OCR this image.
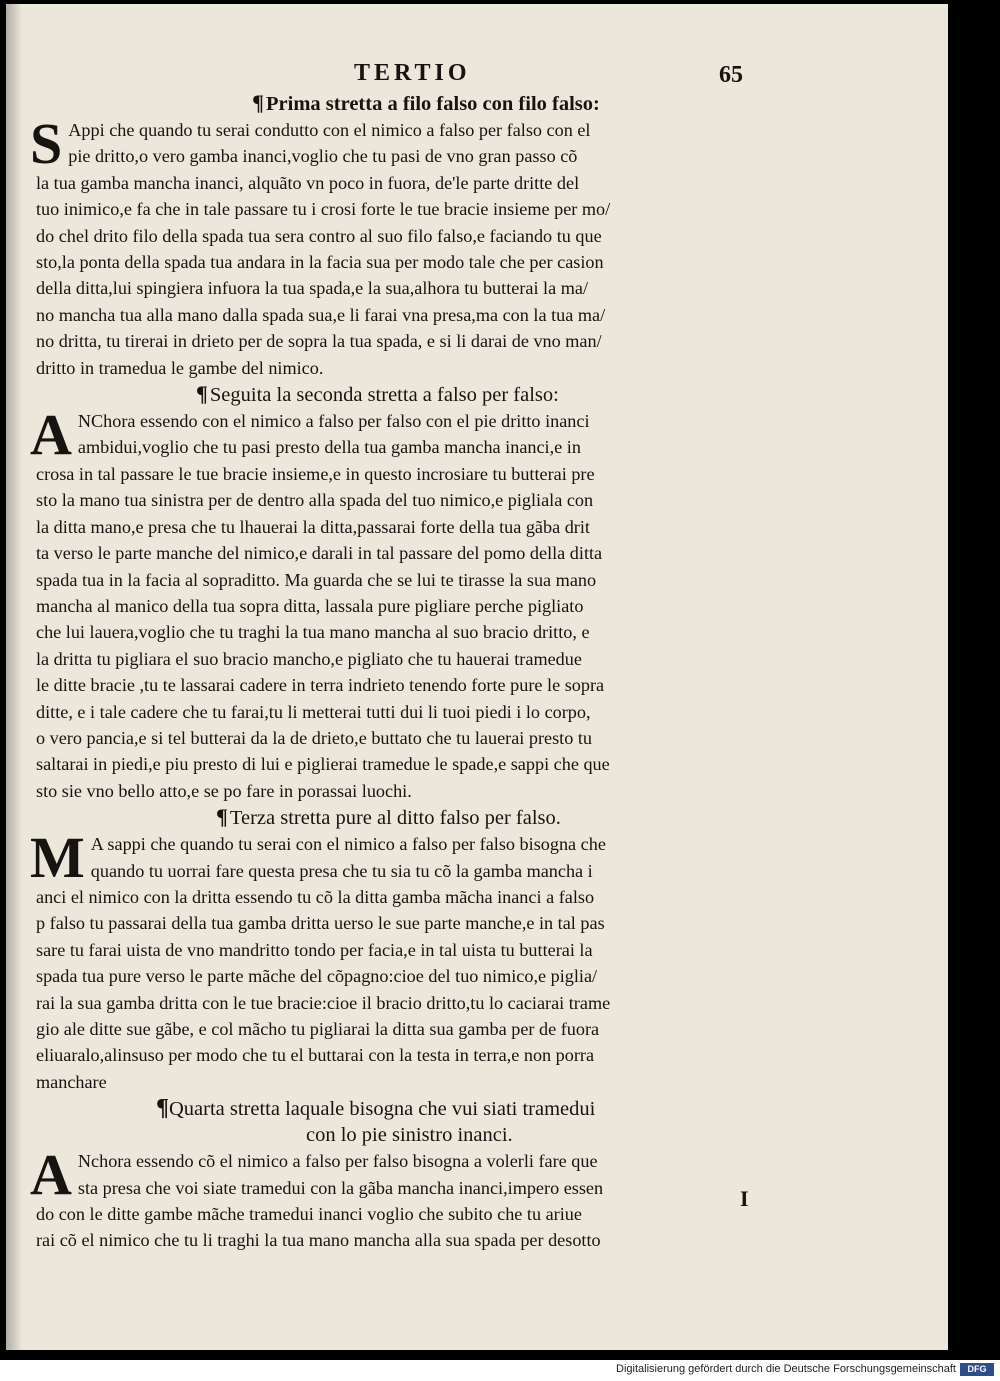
TERTIO	65

¶Prima stretta a filo falso con filo falso:

S Appi che quando tu serai condutto con el nimico a falso per falso con el
pie dritto,o vero gamba inanci,voglio che tu pasi de vno gran passo cõ
la tua gamba mancha inanci, alquãto vn poco in fuora, de'le parte dritte del
tuo inimico,e fa che in tale passare tu i crosi forte le tue bracie insieme per mo/
do chel drito filo della spada tua sera contro al suo filo falso,e faciando tu que
sto,la ponta della spada tua andara in la facia sua per modo tale che per casion
della ditta,lui spingiera infuora la tua spada,e la sua,alhora tu butterai la ma/
no mancha tua alla mano dalla spada sua,e li farai vna presa,ma con la tua ma/
no dritta, tu tirerai in drieto per de sopra la tua spada, e si li darai de vno man/
dritto in tramedua le gambe del nimico.

¶Seguita la seconda stretta a falso per falso:

A NChora essendo con el nimico a falso per falso con el pie dritto inanci
ambidui,voglio che tu pasi presto della tua gamba mancha inanci,e in
crosa in tal passare le tue bracie insieme,e in questo incrosiare tu butterai pre
sto la mano tua sinistra per de dentro alla spada del tuo nimico,e pigliala con
la ditta mano,e presa che tu lhauerai la ditta,passarai forte della tua gãba drit
ta verso le parte manche del nimico,e darali in tal passare del pomo della ditta
spada tua in la facia al sopraditto. Ma guarda che se lui te tirasse la sua mano
mancha al manico della tua sopra ditta, lassala pure pigliare perche pigliato
che lui lauera,voglio che tu traghi la tua mano mancha al suo bracio dritto, e
la dritta tu pigliara el suo bracio mancho,e pigliato che tu hauerai tramedue
le ditte bracie ,tu te lassarai cadere in terra indrieto tenendo forte pure le sopra
ditte, e i tale cadere che tu farai,tu li metterai tutti dui li tuoi piedi i lo corpo,
o vero pancia,e si tel butterai da la de drieto,e buttato che tu lauerai presto tu
saltarai in piedi,e piu presto di lui e piglierai tramedue le spade,e sappi che que
sto sie vno bello atto,e se po fare in porassai luochi.

¶Terza stretta pure al ditto falso per falso.

M A sappi che quando tu serai con el nimico a falso per falso bisogna che
quando tu uorrai fare questa presa che tu sia tu cõ la gamba mancha i
anci el nimico con la dritta essendo tu cõ la ditta gamba mãcha inanci a falso
p falso tu passarai della tua gamba dritta uerso le sue parte manche,e in tal pas
sare tu farai uista de vno mandritto tondo per facia,e in tal uista tu butterai la
spada tua pure verso le parte mãche del cõpagno:cioe del tuo nimico,e piglia/
rai la sua gamba dritta con le tue bracie:cioe il bracio dritto,tu lo caciarai trame
gio ale ditte sue gãbe, e col mãcho tu pigliarai la ditta sua gamba per de fuora
eliuaralo,alinsuso per modo che tu el buttarai con la testa in terra,e non porra
manchare

¶Quarta stretta laquale bisogna che vui siati tramedui

con lo pie sinistro inanci.

A Nchora essendo cõ el nimico a falso per falso bisogna a volerli fare que
sta presa che voi siate tramedui con la gãba mancha inanci,impero essen
do con le ditte gambe mãche tramedui inanci voglio che subito che tu ariue
rai cõ el nimico che tu li traghi la tua mano mancha alla sua spada per desotto
I
Digitalisierung gefördert durch die Deutsche Forschungsgemeinschaft	DFG
